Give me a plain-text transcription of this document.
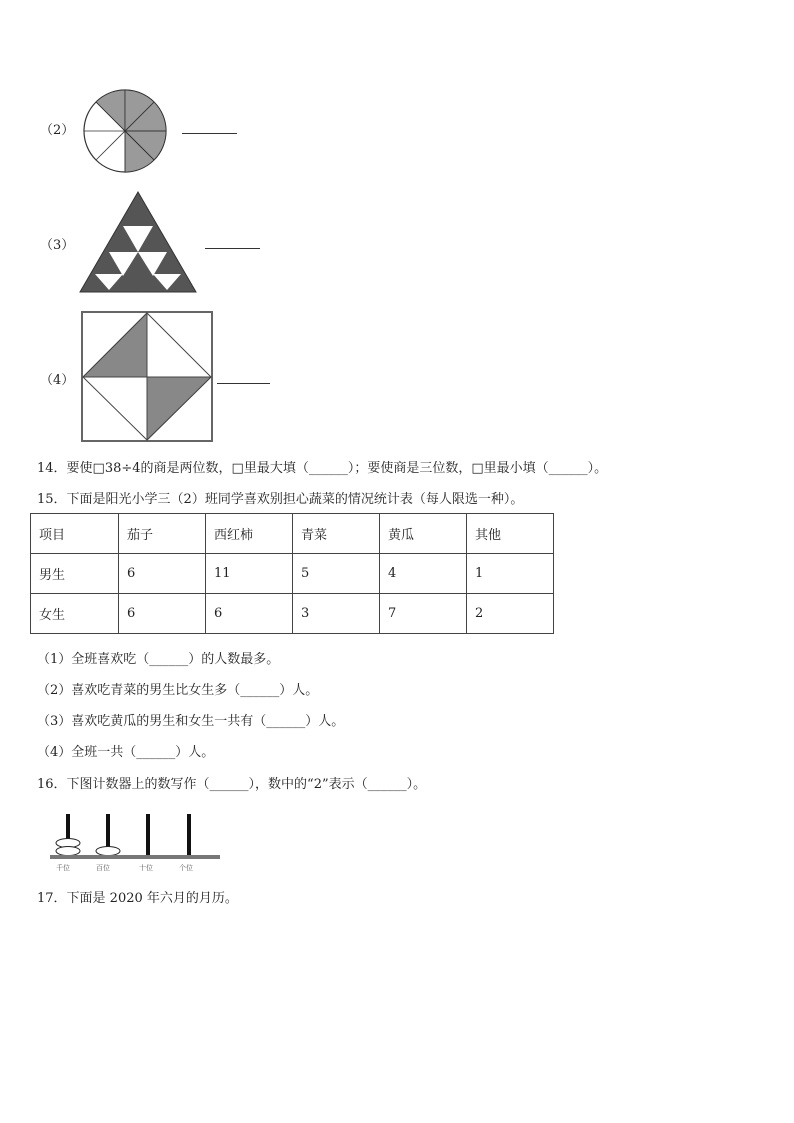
（2）
（3）
（4）
14．要使□38÷4的商是两位数，□里最大填（______）；要使商是三位数，□里最小填（______）。
15．下面是阳光小学三（2）班同学喜欢别担心蔬菜的情况统计表（每人限选一种）。
项目	茄子	西红柿	青菜	黄瓜	其他
男生	6	11	5	4	1
女生	6	6	3	7	2
（1）全班喜欢吃（______）的人数最多。
（2）喜欢吃青菜的男生比女生多（______）人。
（3）喜欢吃黄瓜的男生和女生一共有（______）人。
（4）全班一共（______）人。
16．下图计数器上的数写作（______），数中的“2”表示（______）。
千位	百位	十位	个位
17．下面是 2020 年六月的月历。
